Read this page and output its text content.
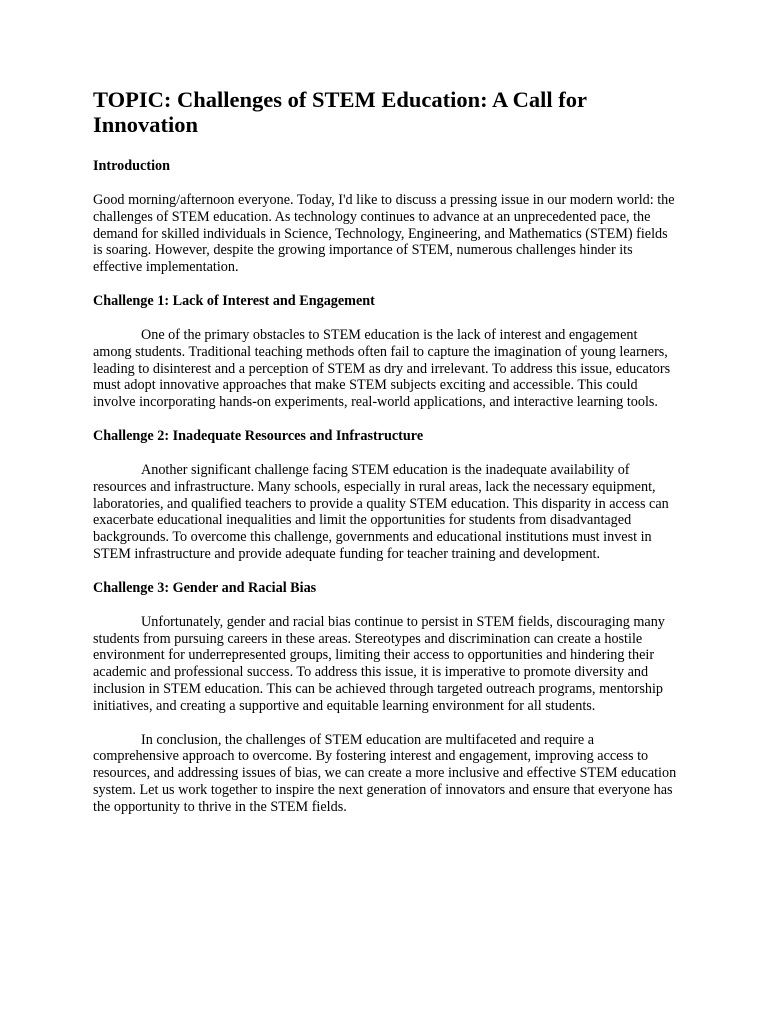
TOPIC: Challenges of STEM Education: A Call for Innovation
Introduction

Good morning/afternoon everyone. Today, I'd like to discuss a pressing issue in our modern world: the challenges of STEM education. As technology continues to advance at an unprecedented pace, the demand for skilled individuals in Science, Technology, Engineering, and Mathematics (STEM) fields is soaring. However, despite the growing importance of STEM, numerous challenges hinder its effective implementation.

Challenge 1: Lack of Interest and Engagement

One of the primary obstacles to STEM education is the lack of interest and engagement among students. Traditional teaching methods often fail to capture the imagination of young learners, leading to disinterest and a perception of STEM as dry and irrelevant. To address this issue, educators must adopt innovative approaches that make STEM subjects exciting and accessible. This could involve incorporating hands-on experiments, real-world applications, and interactive learning tools.

Challenge 2: Inadequate Resources and Infrastructure

Another significant challenge facing STEM education is the inadequate availability of resources and infrastructure. Many schools, especially in rural areas, lack the necessary equipment, laboratories, and qualified teachers to provide a quality STEM education. This disparity in access can exacerbate educational inequalities and limit the opportunities for students from disadvantaged backgrounds. To overcome this challenge, governments and educational institutions must invest in STEM infrastructure and provide adequate funding for teacher training and development.

Challenge 3: Gender and Racial Bias

Unfortunately, gender and racial bias continue to persist in STEM fields, discouraging many students from pursuing careers in these areas. Stereotypes and discrimination can create a hostile environment for underrepresented groups, limiting their access to opportunities and hindering their academic and professional success. To address this issue, it is imperative to promote diversity and inclusion in STEM education. This can be achieved through targeted outreach programs, mentorship initiatives, and creating a supportive and equitable learning environment for all students.

In conclusion, the challenges of STEM education are multifaceted and require a comprehensive approach to overcome. By fostering interest and engagement, improving access to resources, and addressing issues of bias, we can create a more inclusive and effective STEM education system. Let us work together to inspire the next generation of innovators and ensure that everyone has the opportunity to thrive in the STEM fields.
